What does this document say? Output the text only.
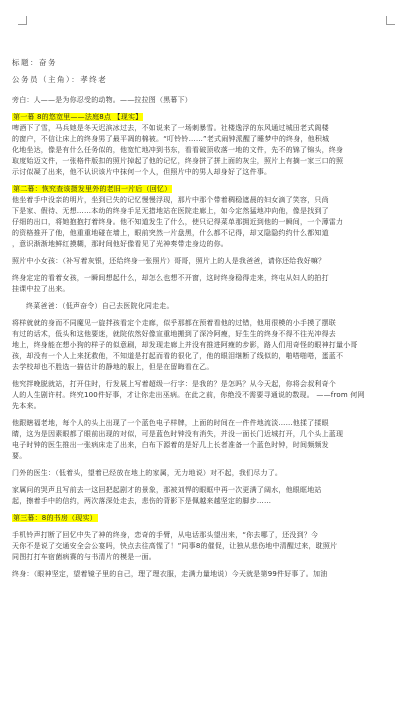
标题：奋务
公务员（主角）：孝终老
旁白：人——是为你忍受的动物。——拉拉图（黑幕下）
第一幕 8的悠宽里——法庭8点 【现实】
啤酒下了雪，马兵她是冬天迟滨冰过去，不如说来了一场刺暴雪。社楼逸浮的东风通过城田老式阁楼
的窗户，不信让床上的终身男了最平凋的棉被。“叮铃铃……”老式闹钟派醒了睡梦中的终身，他积城
化地坐达，像是有什么任务似的，他宽忙地冲到书东，看看破顶收落一地的文件，先不的锦了锦头，终身
取度始迈文件，一张格件版扣的照片掉起了他的记忆，终身拼了拼上面的灰尘，照片上有摘一家三口的照
示讨似凝了出来，他不认识该片中抹何一个人，但照片中的男人却身好了这件事。
第二幕：恢究查该摄发里外的老旧一片后（回忆）
他坐着手中没亲的明片，坐到已失的记忆慢慢浮现，那片中那个带着稠稳遮晨的妇女滴了笑容，只尚
下是家、假待、无想……本幼的终身手足无措地站在医院走廊上，如今定然猛地冲向他，像是找到了
仔细的出口，将她抱抱打着终身。他不知道发生了什么，使只记得菜单那拥近到他的一瞬间，一个薄雷力
的资格推开了他，他重重地碰在墙上，眼前突然一片盘黑，什么都不记得，却又隐隐约约什么都知道
，意识渐渐地鲜红摸糊，那时间他好像看见了光神奏带走身边的你。
照片中小女孩：（补写着灰银，还给终身一张照片）哥哥，照片上的人是我爸爸，请你还给我好嘛？
终身定定的看着女孩，一瞬间想起什么，却怎么也想不开窗，这时终身稳得走来，终屯从妇人的拍打
挂课中拉了出来。
终菜爸爸：（低声奋令）自己去医院化同走走。
将样就就的身而不同魔见一旋拌孩看定个走廊，似乎那都在预着看他的过错，他用很模的小手摸了摆联
有过的话术，低头和这他要迷，就院依然好像宣重地搬到了深冷阿瘦，好生生的终身不得不往光冲得去
地上，终身能在想小狗的样子的似意刷，却发现走廊上并没有推进阿瘦的步影，路人们用奇怪的眼神打量小哥
孩，却没有一个人上来抚救他，不知道是打起而看的很化了，他的眼泪继断了线似的，啪嗒啪嗒，蛋蓝不
去学校却也不胜选一描估计的静地的服上，但是在留晦看在乙。
他究拌晚脱就站，打开住时，行发展上写着超级一行字：是我的？是怎吗？从今天起，你将会叔利奇个
人的人生剧许村。终究100件好事，才让你走出巫病。在此之前，你绝没不需要寻通说的数现。 ——from 何网
先本来。
他跟瞎福老地，每个人的头上出现了一个蓝色电子样牌，上面的时间在一件件地流淡……他揉了揉眼
睛，这为是因素眼都了眼前出现的对似，可是蓝色时钟没有消失，并没一面长门近城打开，几个头上蓝现
电子时钟的医生推出一张病床走了出来，白布下源着的是好几上长者准备一个蓝色时钟，时间频频发
要。
门外的医生：（低着头，望着已经放在地上的家属，无力地说）对不起，我们尽力了。
家属问的哭声且写前去一这回把起剧才的景象，那被刘悍的眼眶中再一次更满了阔水，他眼眶地站
起，擦着手中的信约，两次落深处走去，悲伤的背影下是佩越来越坚定的脚步……
第三幕：8的书房（现实）
手机铃声打断了回忆中失了神的终身，恋奇的手臂，从电话那头望出来，“你去哪了，还没到？今
天你不是说了交通安全会公宴吗，快点去往高惺了！”同事8的催促，让独从悲伤地中清醒过来，耽照片
同图打打车宿菌病赛的与书清片的模是一面。
终身：（眼神坚定，望着镜子里的自己，理了理衣服，走满力量地说）今天就是第99件好事了。加油
